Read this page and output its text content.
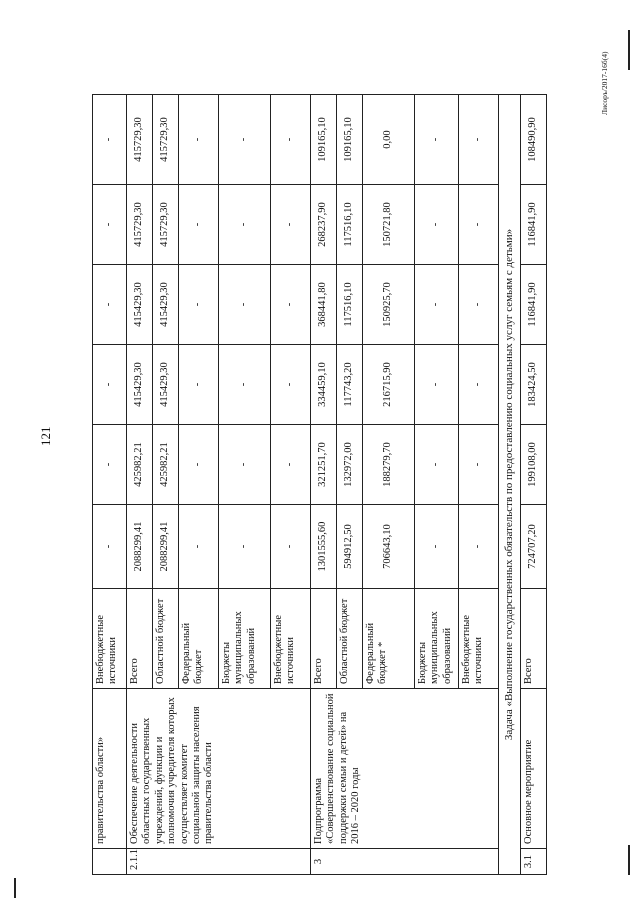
121
	правительства области»	Внебюджетные источники	-	-	-	-	-	-
2.1.1	Обеспечение деятельности областных государственных учреждений, функции и полномочия учредителя которых осуществляет комитет социальной защиты населения правительства области	Всего	2088299,41	425982,21	415429,30	415429,30	415729,30	415729,30
		Областной бюджет	2088299,41	425982,21	415429,30	415429,30	415729,30	415729,30
		Федеральный бюджет	-	-	-	-	-	-
		Бюджеты муниципальных образований	-	-	-	-	-	-
		Внебюджетные источники	-	-	-	-	-	-
3	Подпрограмма «Совершенствование социальной поддержки семьи и детей» на 2016 – 2020 годы	Всего	1301555,60	321251,70	334459,10	368441,80	268237,90	109165,10
		Областной бюджет	594912,50	132972,00	117743,20	117516,10	117516,10	109165,10
		Федеральный бюджет *	706643,10	188279,70	216715,90	150925,70	150721,80	0,00
		Бюджеты муниципальных образований	-	-	-	-	-	-
		Внебюджетные источники	-	-	-	-	-	-
Задача «Выполнение государственных обязательств по предоставлению социальных услуг семьям с детьми»								
3.1	Основное мероприятие	Всего	724707,20	199108,00	183424,50	116841,90	116841,90	108490,90
Лисоръ/2017-16б(4)
